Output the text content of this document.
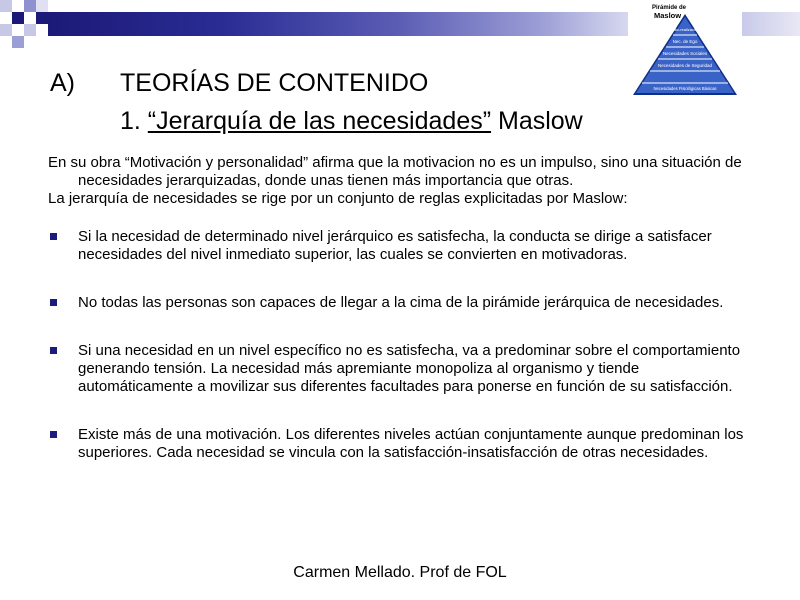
Pirámide de
Maslow
Auto-realización
Nec. de Ego
Necesidades Sociales
Necesidades de Seguridad
Necesidades Fisiológicas Básicas
A)	TEORÍAS DE CONTENIDO
1. “Jerarquía de las necesidades” Maslow

En su obra “Motivación y personalidad” afirma que la motivacion no es un impulso, sino una situación de necesidades jerarquizadas, donde unas tienen más importancia que otras.

La jerarquía de necesidades se rige por un conjunto de reglas explicitadas por Maslow:

Si la necesidad de determinado nivel jerárquico es satisfecha, la conducta se dirige a satisfacer necesidades del nivel inmediato superior, las cuales se convierten en motivadoras.
No todas las personas son capaces de llegar a la cima de la pirámide jerárquica de necesidades.
Si una necesidad en un nivel específico no es satisfecha, va a predominar sobre el comportamiento generando tensión. La necesidad más apremiante monopoliza al organismo y tiende automáticamente a movilizar sus diferentes facultades para ponerse en función de su satisfacción.
Existe más de una motivación. Los diferentes niveles actúan conjuntamente aunque predominan los superiores. Cada necesidad se vincula con la satisfacción-insatisfacción de otras necesidades.
Carmen Mellado. Prof de FOL
